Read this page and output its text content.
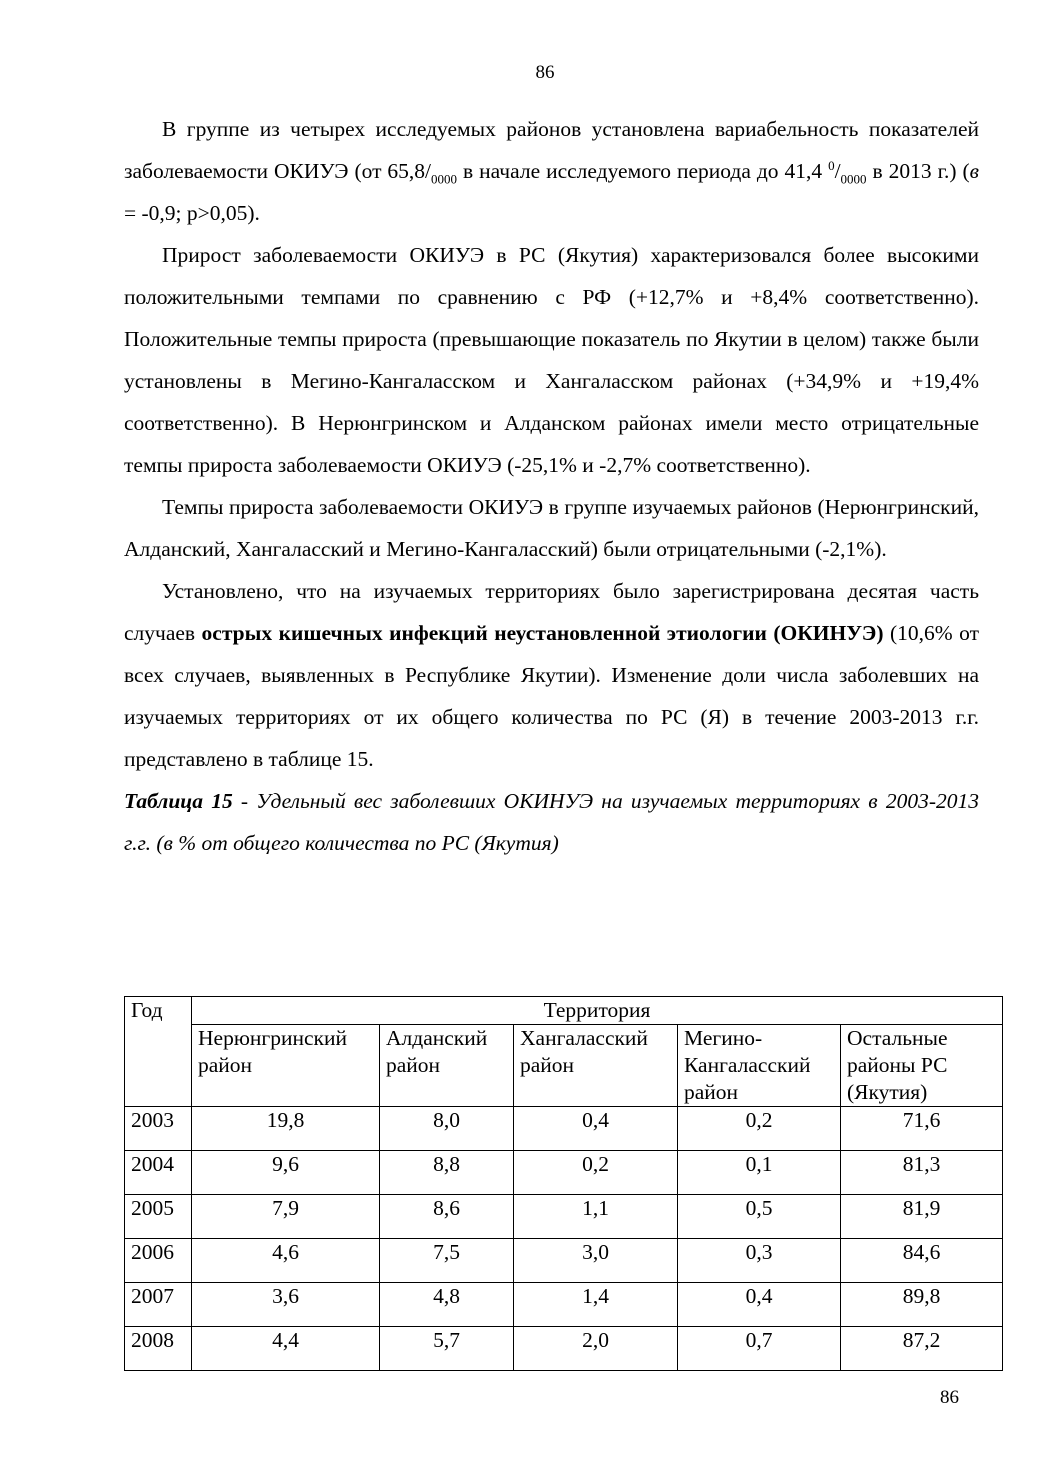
86

В группе из четырех исследуемых районов установлена вариабельность показателей заболеваемости ОКИУЭ (от $65,8/_{0000}$ в начале исследуемого периода до 41,4 $^0/_{0000}$ в 2013 г.) (в = -0,9; p>0,05).

Прирост заболеваемости ОКИУЭ в РС (Якутия) характеризовался более высокими положительными темпами по сравнению с РФ (+12,7% и +8,4% соответственно). Положительные темпы прироста (превышающие показатель по Якутии в целом) также были установлены в Мегино-Кангаласском и Хангаласском районах (+34,9% и +19,4% соответственно). В Нерюнгринском и Алданском районах имели место отрицательные темпы прироста заболеваемости ОКИУЭ (-25,1% и -2,7% соответственно).

Темпы прироста заболеваемости ОКИУЭ в группе изучаемых районов (Нерюнгринский, Алданский, Хангаласский и Мегино-Кангаласский) были отрицательными (-2,1%).

Установлено, что на изучаемых территориях было зарегистрирована десятая часть случаев острых кишечных инфекций неустановленной этиологии (ОКИНУЭ) (10,6% от всех случаев, выявленных в Республике Якутии). Изменение доли числа заболевших на изучаемых территориях от их общего количества по РС (Я) в течение 2003-2013 г.г. представлено в таблице 15.

Таблица 15 - Удельный вес заболевших ОКИНУЭ на изучаемых территориях в 2003-2013 г.г. (в % от общего количества по РС (Якутия)

Год	Территория				
	Нерюнгринский район	Алданский район	Хангаласский район	Мегино-Кангаласский район	Остальные районы РС (Якутия)
2003	19,8	8,0	0,4	0,2	71,6
2004	9,6	8,8	0,2	0,1	81,3
2005	7,9	8,6	1,1	0,5	81,9
2006	4,6	7,5	3,0	0,3	84,6
2007	3,6	4,8	1,4	0,4	89,8
2008	4,4	5,7	2,0	0,7	87,2
86
